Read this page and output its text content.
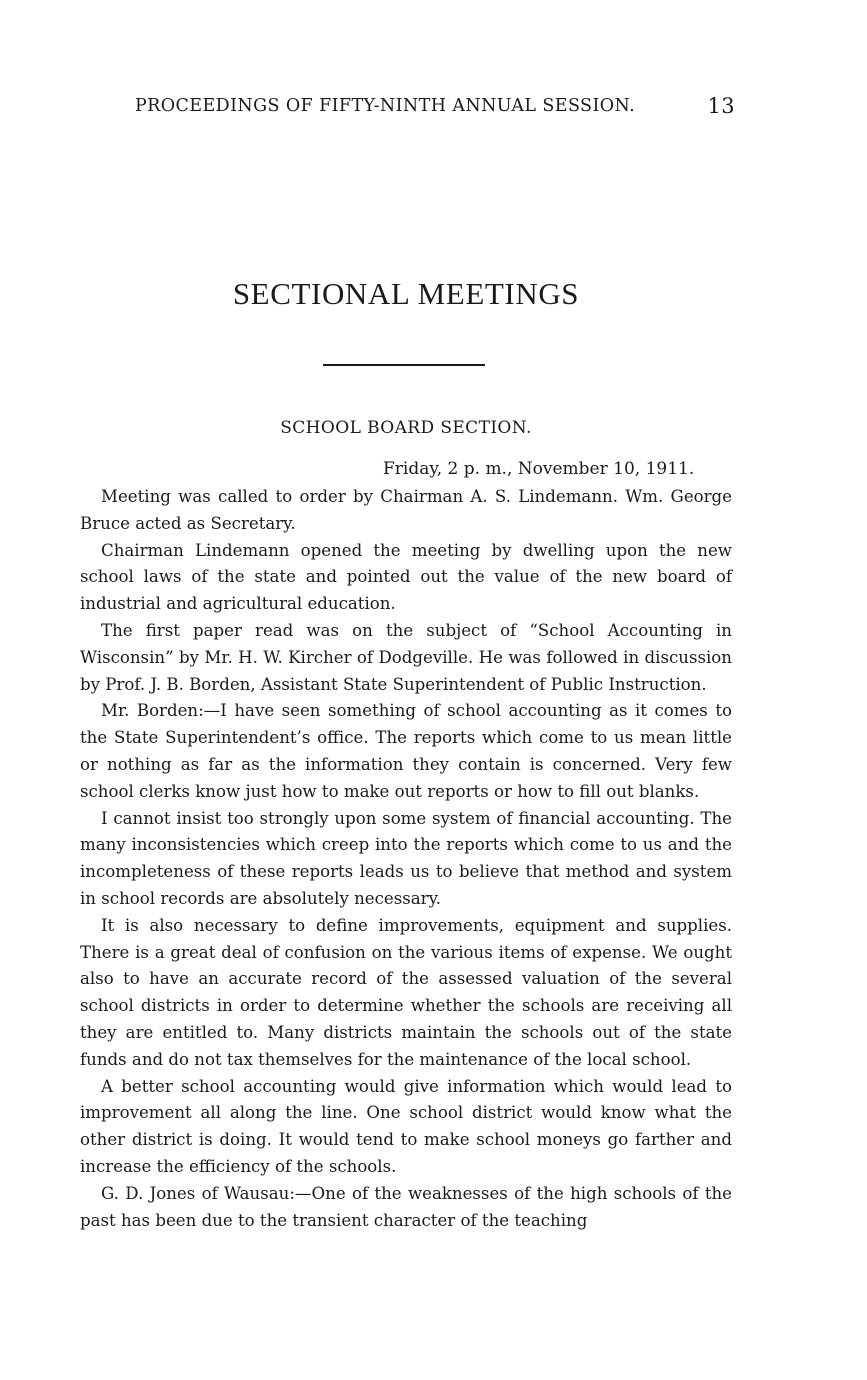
PROCEEDINGS OF FIFTY-NINTH ANNUAL SESSION.	13
SECTIONAL MEETINGS
SCHOOL BOARD SECTION.
Friday, 2 p. m., November 10, 1911.

Meeting was called to order by Chairman A. S. Lindemann. Wm. George Bruce acted as Secretary.

Chairman Lindemann opened the meeting by dwelling upon the new school laws of the state and pointed out the value of the new board of industrial and agricultural education.

The first paper read was on the subject of “School Accounting in Wisconsin” by Mr. H. W. Kircher of Dodgeville. He was followed in discussion by Prof. J. B. Borden, Assistant State Superintendent of Public Instruction.

Mr. Borden:—I have seen something of school accounting as it comes to the State Superintendent’s office. The reports which come to us mean little or nothing as far as the information they contain is concerned. Very few school clerks know just how to make out reports or how to fill out blanks.

I cannot insist too strongly upon some system of financial accounting. The many inconsistencies which creep into the reports which come to us and the incompleteness of these reports leads us to believe that method and system in school records are absolutely necessary.

It is also necessary to define improvements, equipment and supplies. There is a great deal of confusion on the various items of expense. We ought also to have an accurate record of the assessed valuation of the several school districts in order to determine whether the schools are receiving all they are entitled to. Many districts maintain the schools out of the state funds and do not tax themselves for the maintenance of the local school.

A better school accounting would give information which would lead to improvement all along the line. One school district would know what the other district is doing. It would tend to make school moneys go farther and increase the efficiency of the schools.

G. D. Jones of Wausau:—One of the weaknesses of the high schools of the past has been due to the transient character of the teaching
